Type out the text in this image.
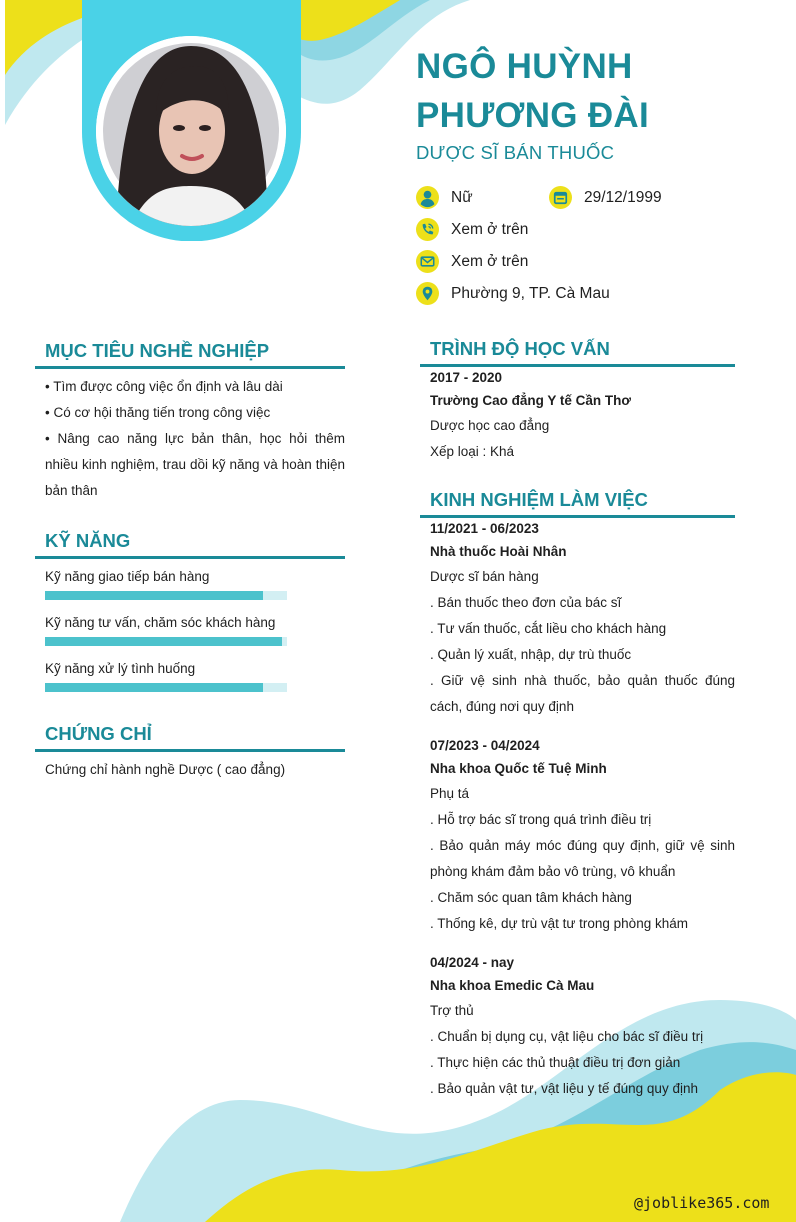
NGÔ HUỲNH
PHƯƠNG ĐÀI
DƯỢC SĨ BÁN THUỐC
Nữ	29/12/1999
Xem ở trên
Xem ở trên
Phường 9, TP. Cà Mau
MỤC TIÊU NGHỀ NGHIỆP
• Tìm được công việc ổn định và lâu dài
• Có cơ hội thăng tiến trong công việc
• Nâng cao năng lực bản thân, học hỏi thêm nhiều kinh nghiệm, trau dồi kỹ năng và hoàn thiện bản thân
KỸ NĂNG
Kỹ năng giao tiếp bán hàng
Kỹ năng tư vấn, chăm sóc khách hàng
Kỹ năng xử lý tình huống
CHỨNG CHỈ
Chứng chỉ hành nghề Dược ( cao đẳng)
TRÌNH ĐỘ HỌC VẤN
2017 - 2020
Trường Cao đẳng Y tế Cần Thơ
Dược học cao đẳng
Xếp loại : Khá
KINH NGHIỆM LÀM VIỆC
11/2021 - 06/2023
Nhà thuốc Hoài Nhân
Dược sĩ bán hàng
. Bán thuốc theo đơn của bác sĩ
. Tư vấn thuốc, cắt liều cho khách hàng
. Quản lý xuất, nhập, dự trù thuốc
. Giữ vệ sinh nhà thuốc, bảo quản thuốc đúng cách, đúng nơi quy định
07/2023 - 04/2024
Nha khoa Quốc tế Tuệ Minh
Phụ tá
. Hỗ trợ bác sĩ trong quá trình điều trị
. Bảo quản máy móc đúng quy định, giữ vệ sinh phòng khám đảm bảo vô trùng, vô khuẩn
. Chăm sóc quan tâm khách hàng
. Thống kê, dự trù vật tư trong phòng khám
04/2024 - nay
Nha khoa Emedic Cà Mau
Trợ thủ
. Chuẩn bị dụng cụ, vật liệu cho bác sĩ điều trị
. Thực hiện các thủ thuật điều trị đơn giản
. Bảo quản vật tư, vật liệu y tế đúng quy định
@joblike365.com
